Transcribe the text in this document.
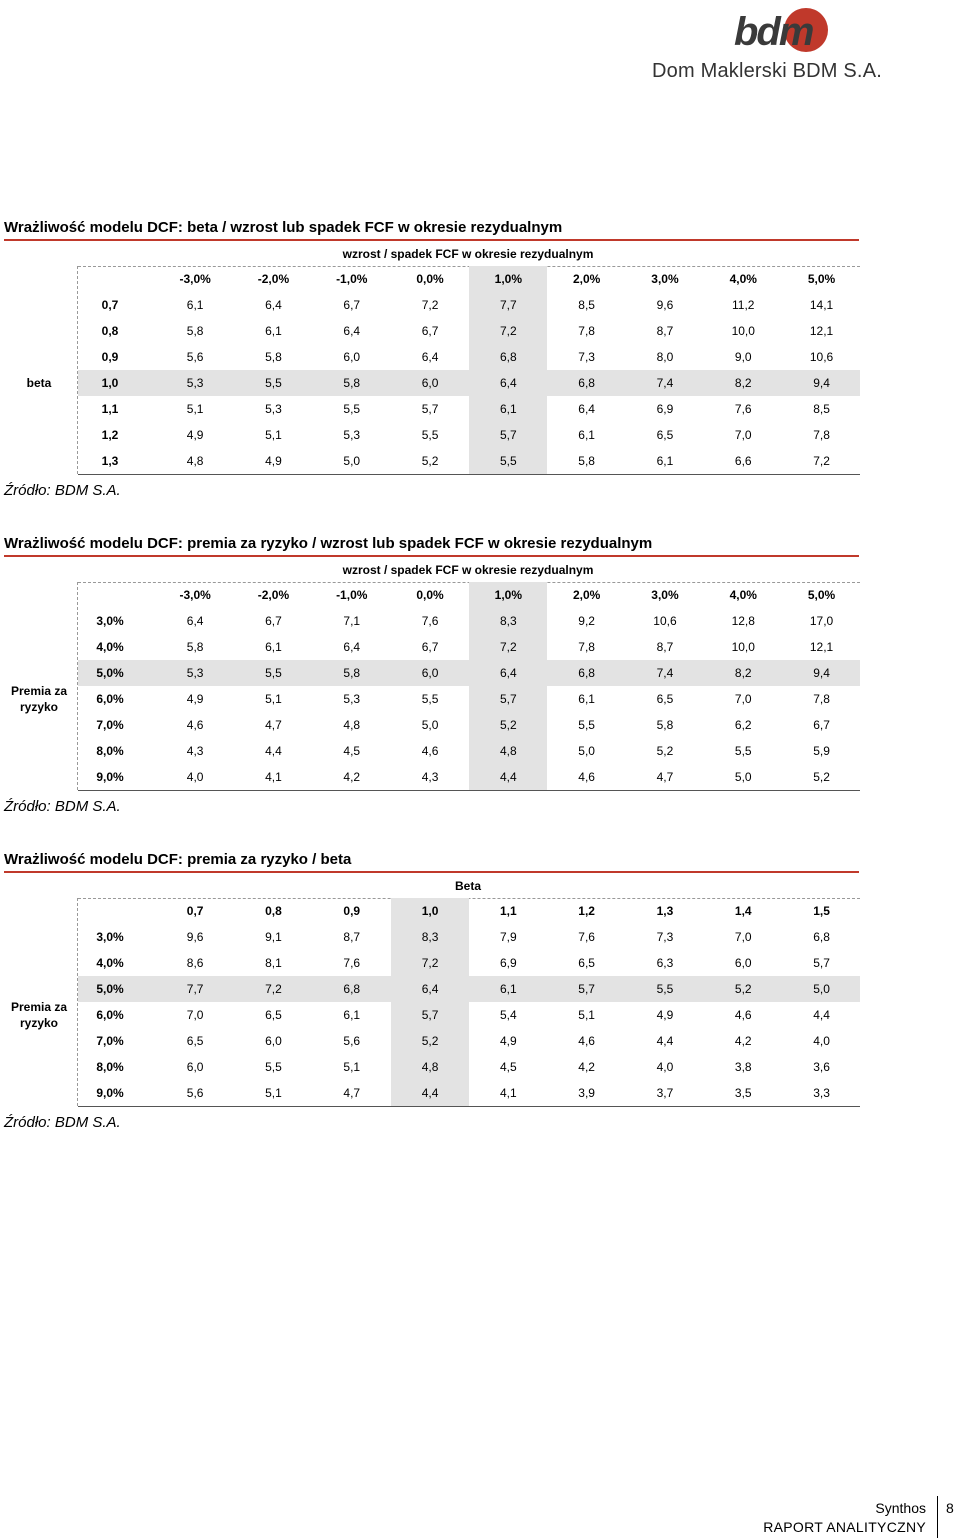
bdm
Dom Maklerski BDM S.A.
Wrażliwość modelu DCF: beta / wzrost lub spadek FCF w okresie rezydualnym
wzrost / spadek FCF w okresie rezydualnym
-3,0%	-2,0%	-1,0%	0,0%	1,0%	2,0%	3,0%	4,0%	5,0%
0,7	6,1	6,4	6,7	7,2	7,7	8,5	9,6	11,2	14,1
0,8	5,8	6,1	6,4	6,7	7,2	7,8	8,7	10,0	12,1
0,9	5,6	5,8	6,0	6,4	6,8	7,3	8,0	9,0	10,6
1,0	5,3	5,5	5,8	6,0	6,4	6,8	7,4	8,2	9,4
1,1	5,1	5,3	5,5	5,7	6,1	6,4	6,9	7,6	8,5
1,2	4,9	5,1	5,3	5,5	5,7	6,1	6,5	7,0	7,8
1,3	4,8	4,9	5,0	5,2	5,5	5,8	6,1	6,6	7,2
beta
Źródło: BDM S.A.
Wrażliwość modelu DCF: premia za ryzyko / wzrost lub spadek FCF w okresie rezydualnym
wzrost / spadek FCF w okresie rezydualnym
-3,0%	-2,0%	-1,0%	0,0%	1,0%	2,0%	3,0%	4,0%	5,0%
3,0%	6,4	6,7	7,1	7,6	8,3	9,2	10,6	12,8	17,0
4,0%	5,8	6,1	6,4	6,7	7,2	7,8	8,7	10,0	12,1
5,0%	5,3	5,5	5,8	6,0	6,4	6,8	7,4	8,2	9,4
6,0%	4,9	5,1	5,3	5,5	5,7	6,1	6,5	7,0	7,8
7,0%	4,6	4,7	4,8	5,0	5,2	5,5	5,8	6,2	6,7
8,0%	4,3	4,4	4,5	4,6	4,8	5,0	5,2	5,5	5,9
9,0%	4,0	4,1	4,2	4,3	4,4	4,6	4,7	5,0	5,2
Premia za ryzyko
Źródło: BDM S.A.
Wrażliwość modelu DCF: premia za ryzyko / beta
Beta
0,7	0,8	0,9	1,0	1,1	1,2	1,3	1,4	1,5
3,0%	9,6	9,1	8,7	8,3	7,9	7,6	7,3	7,0	6,8
4,0%	8,6	8,1	7,6	7,2	6,9	6,5	6,3	6,0	5,7
5,0%	7,7	7,2	6,8	6,4	6,1	5,7	5,5	5,2	5,0
6,0%	7,0	6,5	6,1	5,7	5,4	5,1	4,9	4,6	4,4
7,0%	6,5	6,0	5,6	5,2	4,9	4,6	4,4	4,2	4,0
8,0%	6,0	5,5	5,1	4,8	4,5	4,2	4,0	3,8	3,6
9,0%	5,6	5,1	4,7	4,4	4,1	3,9	3,7	3,5	3,3
Premia za ryzyko
Źródło: BDM S.A.
Synthos
RAPORT ANALITYCZNY
8
